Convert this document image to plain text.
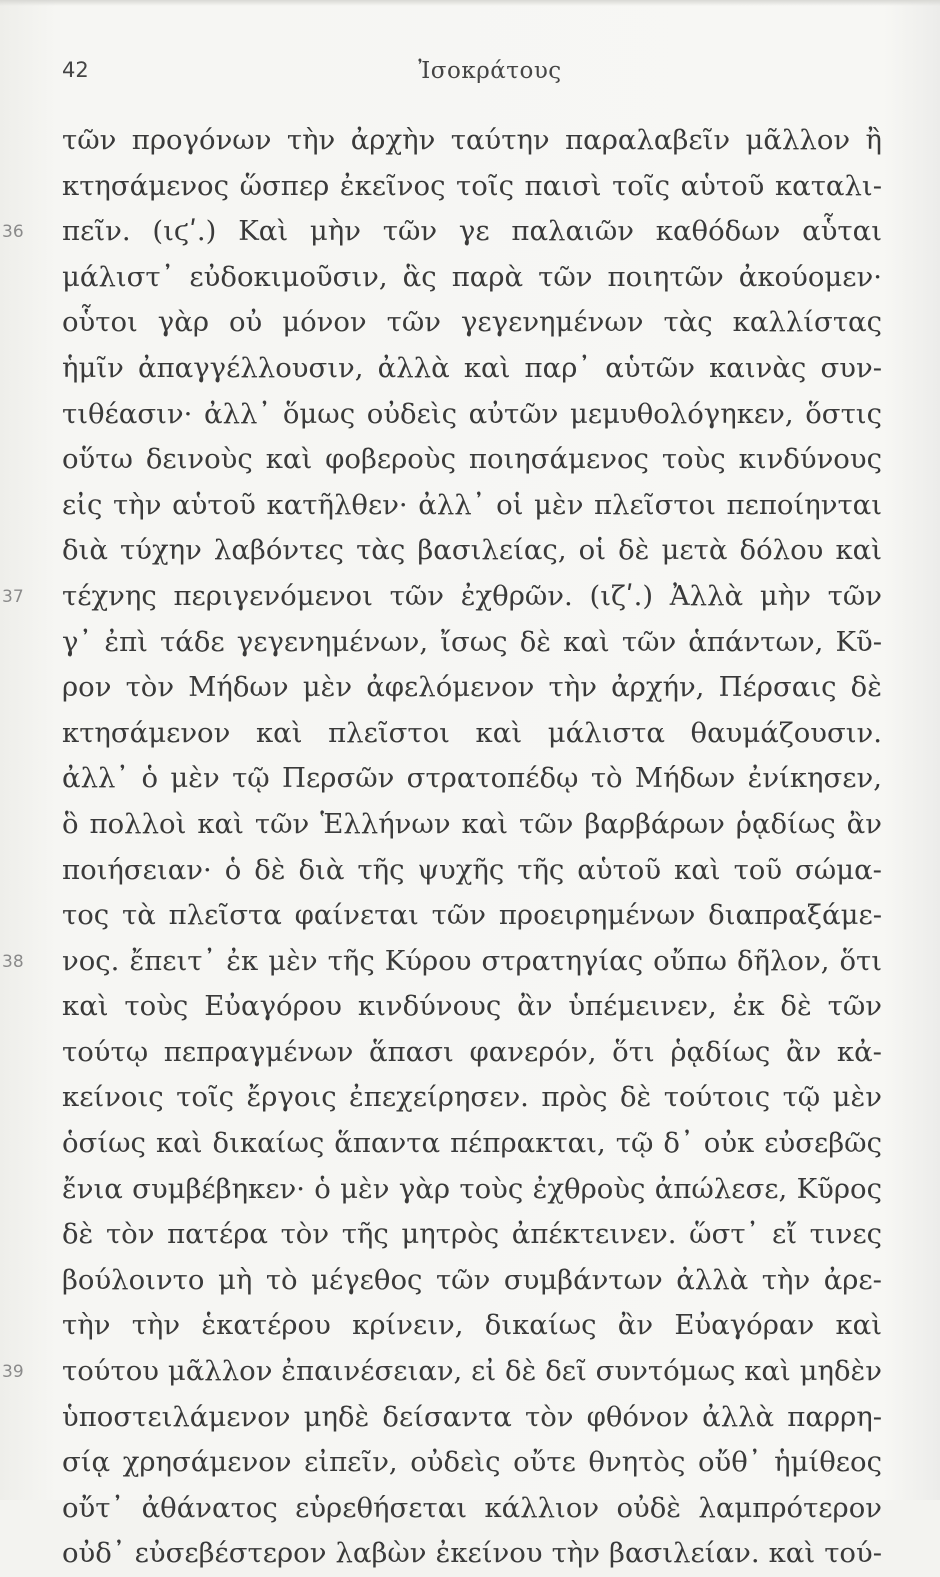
42	Ἰσοκράτους
τῶν προγόνων τὴν ἀρχὴν ταύτην παραλαβεῖν μᾶλλον ἢ
κτησάμενος ὥσπερ ἐκεῖνος τοῖς παισὶ τοῖς αὑτοῦ καταλι-
36	πεῖν. (ιϛʹ.) Καὶ μὴν τῶν γε παλαιῶν καθόδων αὗται
μάλιστ᾽ εὐδοκιμοῦσιν, ἃς παρὰ τῶν ποιητῶν ἀκούομεν·
οὗτοι γὰρ οὐ μόνον τῶν γεγενημένων τὰς καλλίστας
ἡμῖν ἀπαγγέλλουσιν, ἀλλὰ καὶ παρ᾽ αὑτῶν καινὰς συν-
τιθέασιν· ἀλλ᾽ ὅμως οὐδεὶς αὐτῶν μεμυθολόγηκεν, ὅστις
οὕτω δεινοὺς καὶ φοβεροὺς ποιησάμενος τοὺς κινδύνους
εἰς τὴν αὑτοῦ κατῆλθεν· ἀλλ᾽ οἱ μὲν πλεῖστοι πεποίηνται
διὰ τύχην λαβόντες τὰς βασιλείας, οἱ δὲ μετὰ δόλου καὶ
37	τέχνης περιγενόμενοι τῶν ἐχθρῶν. (ιζʹ.) Ἀλλὰ μὴν τῶν
γ᾽ ἐπὶ τάδε γεγενημένων, ἴσως δὲ καὶ τῶν ἁπάντων, Κῦ-
ρον τὸν Μήδων μὲν ἀφελόμενον τὴν ἀρχήν, Πέρσαις δὲ
κτησάμενον καὶ πλεῖστοι καὶ μάλιστα θαυμάζουσιν.
ἀλλ᾽ ὁ μὲν τῷ Περσῶν στρατοπέδῳ τὸ Μήδων ἐνίκησεν,
ὃ πολλοὶ καὶ τῶν Ἑλλήνων καὶ τῶν βαρβάρων ῥᾳδίως ἂν
ποιήσειαν· ὁ δὲ διὰ τῆς ψυχῆς τῆς αὑτοῦ καὶ τοῦ σώμα-
τος τὰ πλεῖστα φαίνεται τῶν προειρημένων διαπραξάμε-
38	νος. ἔπειτ᾽ ἐκ μὲν τῆς Κύρου στρατηγίας οὔπω δῆλον, ὅτι
καὶ τοὺς Εὐαγόρου κινδύνους ἂν ὑπέμεινεν, ἐκ δὲ τῶν
τούτῳ πεπραγμένων ἅπασι φανερόν, ὅτι ῥᾳδίως ἂν κἀ-
κείνοις τοῖς ἔργοις ἐπεχείρησεν. πρὸς δὲ τούτοις τῷ μὲν
ὁσίως καὶ δικαίως ἅπαντα πέπρακται, τῷ δ᾽ οὐκ εὐσεβῶς
ἔνια συμβέβηκεν· ὁ μὲν γὰρ τοὺς ἐχθροὺς ἀπώλεσε, Κῦρος
δὲ τὸν πατέρα τὸν τῆς μητρὸς ἀπέκτεινεν. ὥστ᾽ εἴ τινες
βούλοιντο μὴ τὸ μέγεθος τῶν συμβάντων ἀλλὰ τὴν ἀρε-
τὴν τὴν ἑκατέρου κρίνειν, δικαίως ἂν Εὐαγόραν καὶ
39	τούτου μᾶλλον ἐπαινέσειαν, εἰ δὲ δεῖ συντόμως καὶ μηδὲν
ὑποστειλάμενον μηδὲ δείσαντα τὸν φθόνον ἀλλὰ παρρη-
σίᾳ χρησάμενον εἰπεῖν, οὐδεὶς οὔτε θνητὸς οὔθ᾽ ἡμίθεος
οὔτ᾽ ἀθάνατος εὑρεθήσεται κάλλιον οὐδὲ λαμπρότερον
οὐδ᾽ εὐσεβέστερον λαβὼν ἐκείνου τὴν βασιλείαν. καὶ τού-
